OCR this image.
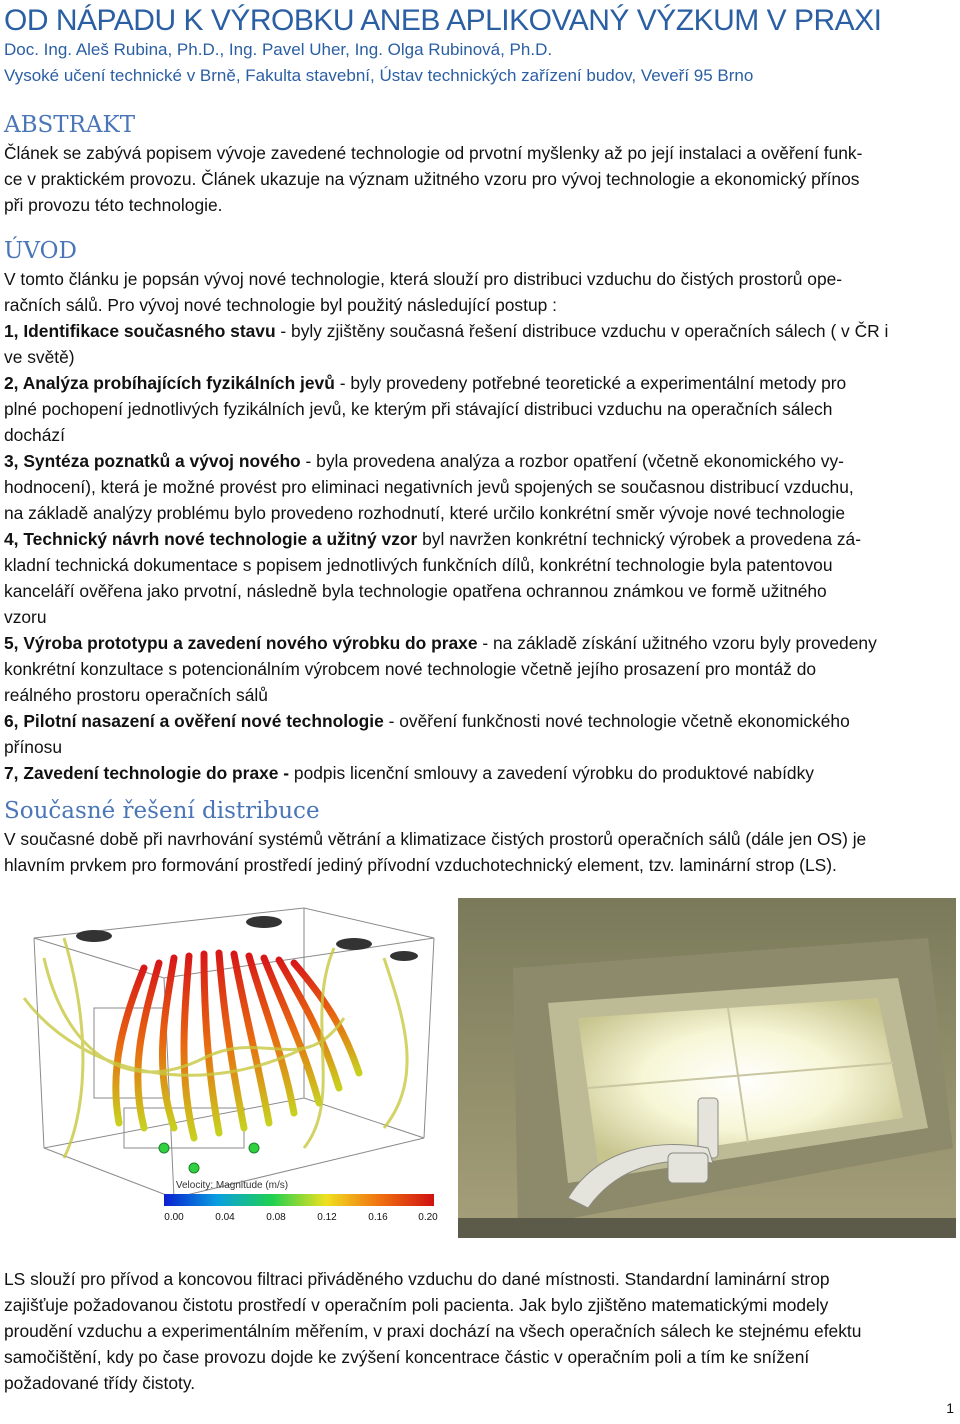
OD NÁPADU K VÝROBKU ANEB APLIKOVANÝ VÝZKUM V PRAXI
Doc. Ing. Aleš Rubina, Ph.D., Ing. Pavel Uher, Ing. Olga Rubinová, Ph.D.
Vysoké učení technické v Brně, Fakulta stavební, Ústav technických zařízení budov, Veveří 95 Brno
ABSTRAKT
Článek se zabývá popisem vývoje zavedené technologie od prvotní myšlenky až po její instalaci a ověření funk-
ce v praktickém provozu. Článek ukazuje na význam užitného vzoru pro vývoj technologie a ekonomický přínos
při provozu této technologie.
ÚVOD
V tomto článku je popsán vývoj nové technologie, která slouží pro distribuci vzduchu do čistých prostorů ope-
račních sálů. Pro vývoj nové technologie byl použitý následující postup :
1, Identifikace současného stavu - byly zjištěny současná řešení distribuce vzduchu v operačních sálech ( v ČR i
ve světě)
2, Analýza probíhajících fyzikálních jevů - byly provedeny potřebné teoretické a experimentální metody pro
plné pochopení jednotlivých fyzikálních jevů, ke kterým při stávající distribuci vzduchu na operačních sálech
dochází
3, Syntéza poznatků a vývoj nového - byla provedena analýza a rozbor opatření (včetně ekonomického vy-
hodnocení), která je možné provést pro eliminaci negativních jevů spojených se současnou distribucí vzduchu,
na základě analýzy problému bylo provedeno rozhodnutí, které určilo konkrétní směr vývoje nové technologie
4, Technický návrh nové technologie a užitný vzor byl navržen konkrétní technický výrobek a provedena zá-
kladní technická dokumentace s popisem jednotlivých funkčních dílů, konkrétní technologie byla patentovou
kanceláří ověřena jako prvotní, následně byla technologie opatřena ochrannou známkou ve formě užitného
vzoru
5, Výroba prototypu a zavedení nového výrobku do praxe - na základě získání užitného vzoru byly provedeny
konkrétní konzultace s potencionálním výrobcem nové technologie včetně jejího prosazení pro montáž do
reálného prostoru operačních sálů
6, Pilotní nasazení a ověření nové technologie - ověření funkčnosti nové technologie včetně ekonomického
přínosu
7, Zavedení technologie do praxe - podpis licenční smlouvy a zavedení výrobku do produktové nabídky
Současné řešení distribuce
V současné době při navrhování systémů větrání a klimatizace čistých prostorů operačních sálů (dále jen OS) je
hlavním prvkem pro formování prostředí jediný přívodní vzduchotechnický element, tzv. laminární strop (LS).
Velocity: Magnitude (m/s)
0.00	0.04	0.08	0.12	0.16	0.20
LS slouží pro přívod a koncovou filtraci přiváděného vzduchu do dané místnosti. Standardní laminární strop
zajišťuje požadovanou čistotu prostředí v operačním poli pacienta. Jak bylo zjištěno matematickými modely
proudění vzduchu a experimentálním měřením, v praxi dochází na všech operačních sálech ke stejnému efektu
samočištění, kdy po čase provozu dojde ke zvýšení koncentrace částic v operačním poli a tím ke snížení
požadované třídy čistoty.
1
